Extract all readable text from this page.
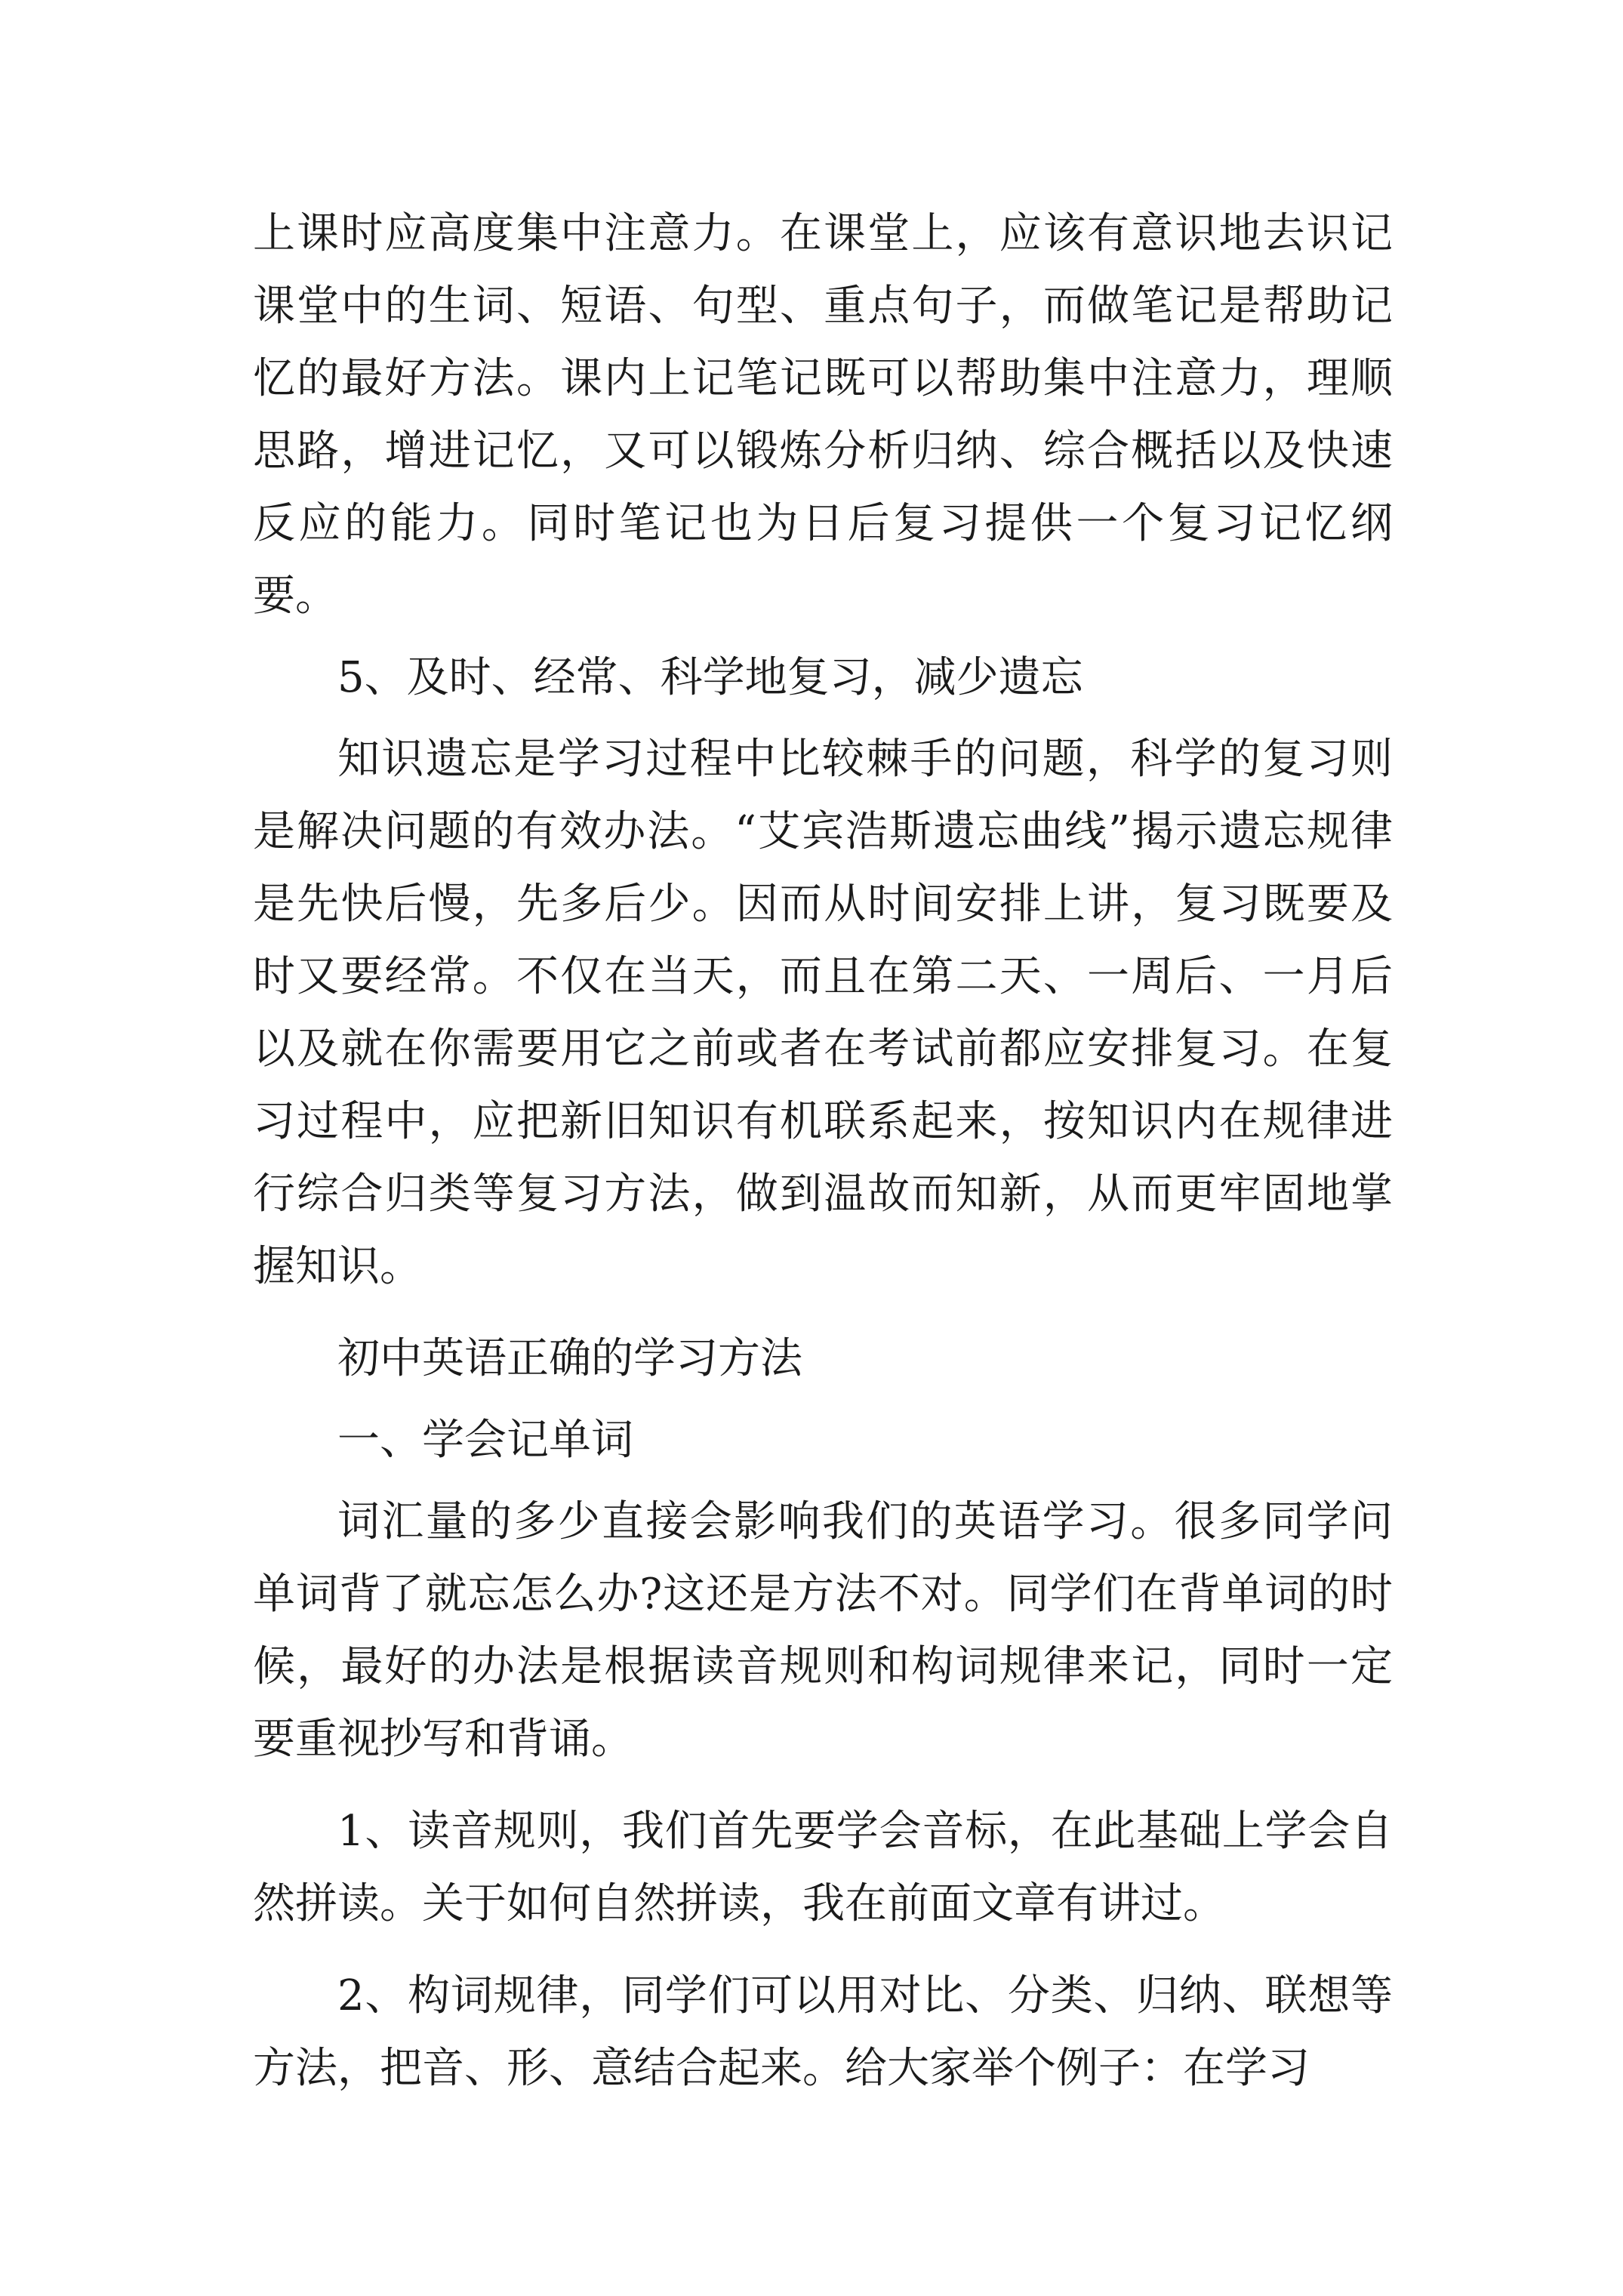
上课时应高度集中注意力。在课堂上，应该有意识地去识记课堂中的生词、短语、句型、重点句子，而做笔记是帮助记忆的最好方法。课内上记笔记既可以帮助集中注意力，理顺思路，增进记忆，又可以锻炼分析归纳、综合概括以及快速反应的能力。同时笔记也为日后复习提供一个复习记忆纲要。

5、及时、经常、科学地复习，减少遗忘

知识遗忘是学习过程中比较棘手的问题，科学的复习则是解决问题的有效办法。“艾宾浩斯遗忘曲线”揭示遗忘规律是先快后慢，先多后少。因而从时间安排上讲，复习既要及时又要经常。不仅在当天，而且在第二天、一周后、一月后以及就在你需要用它之前或者在考试前都应安排复习。在复习过程中，应把新旧知识有机联系起来，按知识内在规律进行综合归类等复习方法，做到温故而知新，从而更牢固地掌握知识。

初中英语正确的学习方法

一、学会记单词

词汇量的多少直接会影响我们的英语学习。很多同学问单词背了就忘怎么办?这还是方法不对。同学们在背单词的时候，最好的办法是根据读音规则和构词规律来记，同时一定要重视抄写和背诵。

1、读音规则，我们首先要学会音标，在此基础上学会自然拼读。关于如何自然拼读，我在前面文章有讲过。

2、构词规律，同学们可以用对比、分类、归纳、联想等方法，把音、形、意结合起来。给大家举个例子：在学习
